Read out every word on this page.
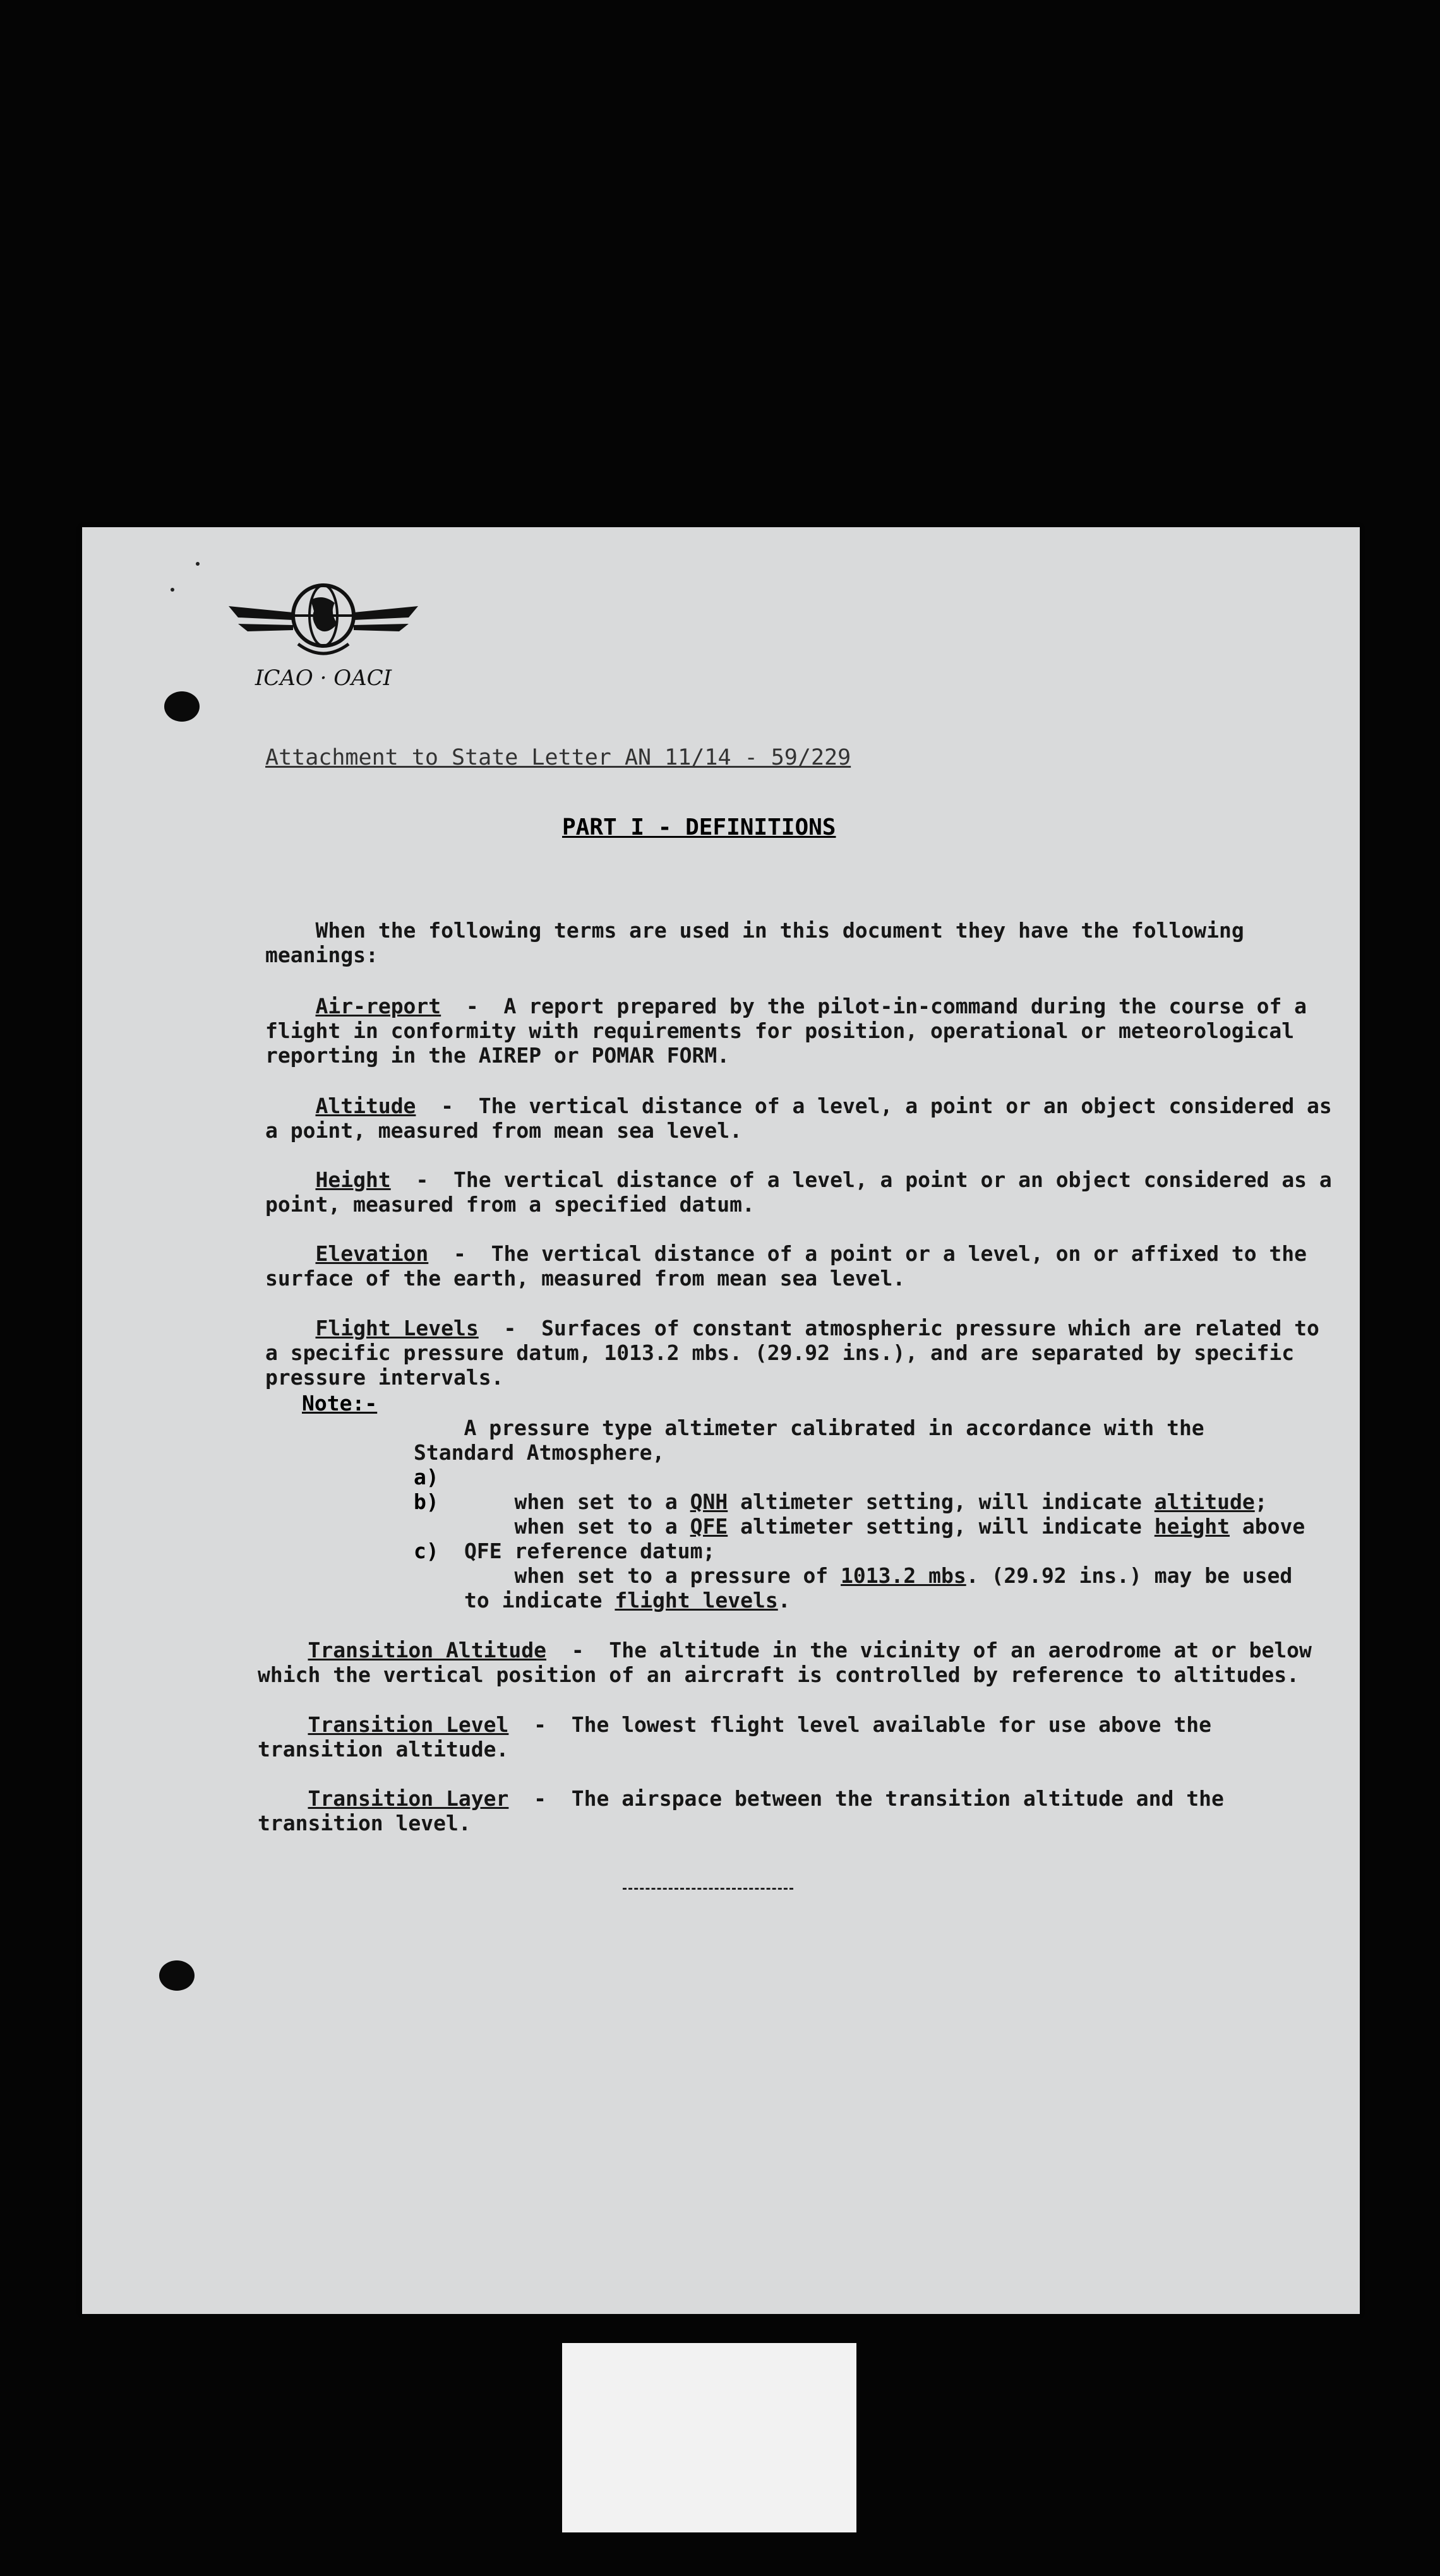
ICAO · OACI
Attachment to State Letter AN 11/14 - 59/229
PART I - DEFINITIONS

When the following terms are used in this document they have the following meanings:

Air-report  -  A report prepared by the pilot-in-command during the course of a flight in conformity with requirements for position, operational or meteorological reporting in the AIREP or POMAR FORM.

Altitude  -  The vertical distance of a level, a point or an object considered as a point, measured from mean sea level.

Height  -  The vertical distance of a level, a point or an object considered as a point, measured from a specified datum.

Elevation  -  The vertical distance of a point or a level, on or affixed to the surface of the earth, measured from mean sea level.

Flight Levels  -  Surfaces of constant atmospheric pressure which are related to a specific pressure datum, 1013.2 mbs. (29.92 ins.), and are separated by specific pressure intervals.

Note:-

A pressure type altimeter calibrated in accordance with the Standard Atmosphere,

a)

when set to a QNH altimeter setting, will indicate altitude;

b)

when set to a QFE altimeter setting, will indicate height above QFE reference datum;

c)

when set to a pressure of 1013.2 mbs. (29.92 ins.) may be used to indicate flight levels.

Transition Altitude  -  The altitude in the vicinity of an aerodrome at or below which the vertical position of an aircraft is controlled by reference to altitudes.

Transition Level  -  The lowest flight level available for use above the transition altitude.

Transition Layer  -  The airspace between the transition altitude and the transition level.
